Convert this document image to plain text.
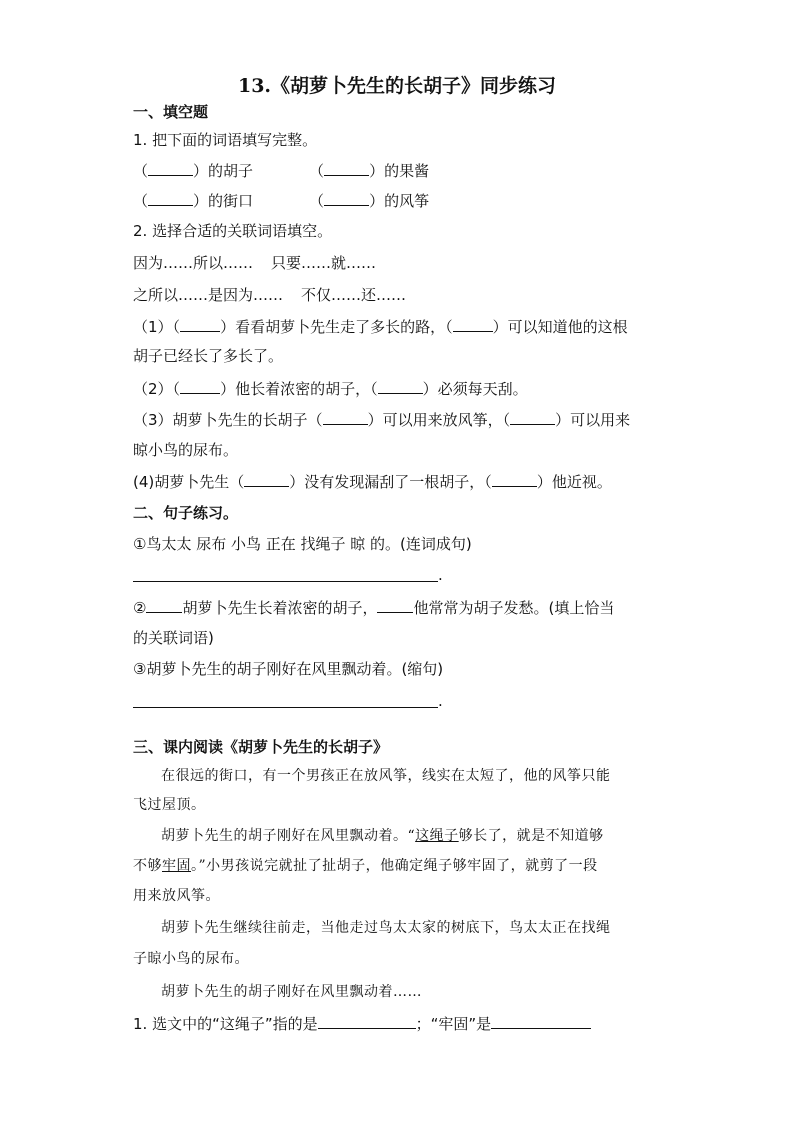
13.《胡萝卜先生的长胡子》同步练习
一、填空题
1. 把下面的词语填写完整。
（	）的胡子	（	）的果酱
（	）的街口	（	）的风筝
2. 选择合适的关联词语填空。
因为……所以…… 只要……就……
之所以……是因为…… 不仅……还……
（1）（	）看看胡萝卜先生走了多长的路，（	）可以知道他的这根
胡子已经长了多长了。
（2）（	）他长着浓密的胡子，（	）必须每天刮。
（3）胡萝卜先生的长胡子（	）可以用来放风筝，（	）可以用来
晾小鸟的尿布。
(4)胡萝卜先生（	）没有发现漏刮了一根胡子，（	）他近视。
二、句子练习。
①鸟太太 尿布 小鸟 正在 找绳子 晾 的。(连词成句)
.
② 胡萝卜先生长着浓密的胡子， 他常常为胡子发愁。(填上恰当
的关联词语)
③胡萝卜先生的胡子刚好在风里飘动着。(缩句)
.
三、课内阅读《胡萝卜先生的长胡子》
在很远的街口，有一个男孩正在放风筝，线实在太短了，他的风筝只能
飞过屋顶。
胡萝卜先生的胡子刚好在风里飘动着。“这绳子够长了，就是不知道够
不够牢固。”小男孩说完就扯了扯胡子，他确定绳子够牢固了，就剪了一段
用来放风筝。
胡萝卜先生继续往前走，当他走过鸟太太家的树底下，鸟太太正在找绳
子晾小鸟的尿布。
胡萝卜先生的胡子刚好在风里飘动着……
1. 选文中的“这绳子”指的是	；“牢固”是
